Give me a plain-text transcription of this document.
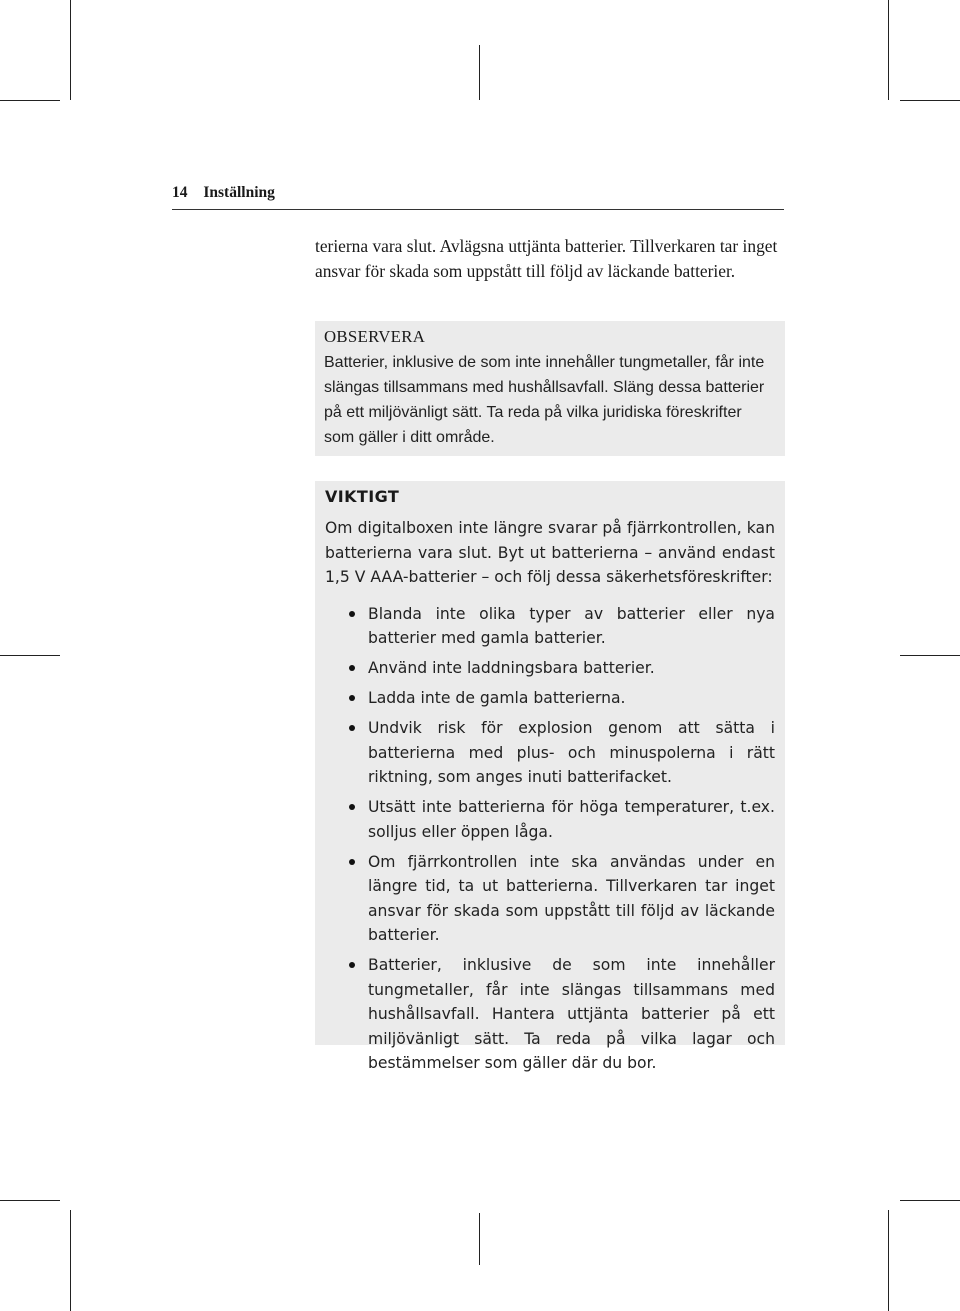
14 Inställning

terierna vara slut. Avlägsna uttjänta batterier. Tillverkaren tar inget ansvar för skada som uppstått till följd av läckande batterier.

OBSERVERA

Batterier, inklusive de som inte innehåller tungmetaller, får inte slängas tillsammans med hushållsavfall. Släng dessa batterier på ett miljövänligt sätt. Ta reda på vilka juridiska föreskrifter som gäller i ditt område.

VIKTIGT

Om digitalboxen inte längre svarar på fjärrkontrollen, kan batterierna vara slut. Byt ut batterierna – använd endast 1,5 V AAA-batterier – och följ dessa säkerhetsföreskrifter:

Blanda inte olika typer av batterier eller nya batterier med gamla batterier.
Använd inte laddningsbara batterier.
Ladda inte de gamla batterierna.
Undvik risk för explosion genom att sätta i batterierna med plus- och minuspolerna i rätt riktning, som anges inuti batterifacket.
Utsätt inte batterierna för höga temperaturer, t.ex. solljus eller öppen låga.
Om fjärrkontrollen inte ska användas under en längre tid, ta ut batterierna. Tillverkaren tar inget ansvar för skada som uppstått till följd av läckande batterier.
Batterier, inklusive de som inte innehåller tungmetaller, får inte slängas tillsammans med hushållsavfall. Hantera uttjänta batterier på ett miljövänligt sätt. Ta reda på vilka lagar och bestämmelser som gäller där du bor.
